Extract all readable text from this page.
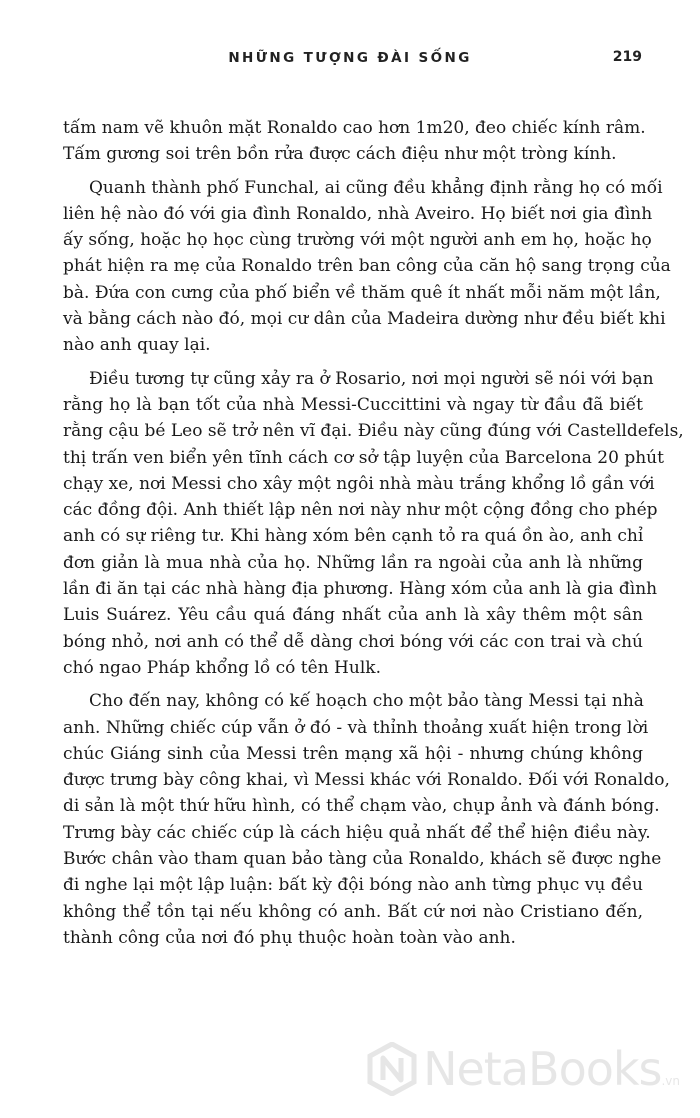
NHỮNG TƯỢNG ĐÀI SỐNG	219
tấm nam vẽ khuôn mặt Ronaldo cao hơn 1m20, đeo chiếc kính râm.
Tấm gương soi trên bồn rửa được cách điệu như một tròng kính.
Quanh thành phố Funchal, ai cũng đều khẳng định rằng họ có mối
liên hệ nào đó với gia đình Ronaldo, nhà Aveiro. Họ biết nơi gia đình
ấy sống, hoặc họ học cùng trường với một người anh em họ, hoặc họ
phát hiện ra mẹ của Ronaldo trên ban công của căn hộ sang trọng của
bà. Đứa con cưng của phố biển về thăm quê ít nhất mỗi năm một lần,
và bằng cách nào đó, mọi cư dân của Madeira dường như đều biết khi
nào anh quay lại.
Điều tương tự cũng xảy ra ở Rosario, nơi mọi người sẽ nói với bạn
rằng họ là bạn tốt của nhà Messi-Cuccittini và ngay từ đầu đã biết
rằng cậu bé Leo sẽ trở nên vĩ đại. Điều này cũng đúng với Castelldefels,
thị trấn ven biển yên tĩnh cách cơ sở tập luyện của Barcelona 20 phút
chạy xe, nơi Messi cho xây một ngôi nhà màu trắng khổng lồ gần với
các đồng đội. Anh thiết lập nên nơi này như một cộng đồng cho phép
anh có sự riêng tư. Khi hàng xóm bên cạnh tỏ ra quá ồn ào, anh chỉ
đơn giản là mua nhà của họ. Những lần ra ngoài của anh là những
lần đi ăn tại các nhà hàng địa phương. Hàng xóm của anh là gia đình
Luis Suárez. Yêu cầu quá đáng nhất của anh là xây thêm một sân
bóng nhỏ, nơi anh có thể dễ dàng chơi bóng với các con trai và chú
chó ngao Pháp khổng lồ có tên Hulk.
Cho đến nay, không có kế hoạch cho một bảo tàng Messi tại nhà
anh. Những chiếc cúp vẫn ở đó - và thỉnh thoảng xuất hiện trong lời
chúc Giáng sinh của Messi trên mạng xã hội - nhưng chúng không
được trưng bày công khai, vì Messi khác với Ronaldo. Đối với Ronaldo,
di sản là một thứ hữu hình, có thể chạm vào, chụp ảnh và đánh bóng.
Trưng bày các chiếc cúp là cách hiệu quả nhất để thể hiện điều này.
Bước chân vào tham quan bảo tàng của Ronaldo, khách sẽ được nghe
đi nghe lại một lập luận: bất kỳ đội bóng nào anh từng phục vụ đều
không thể tồn tại nếu không có anh. Bất cứ nơi nào Cristiano đến,
thành công của nơi đó phụ thuộc hoàn toàn vào anh.
NetaBooks .vn
